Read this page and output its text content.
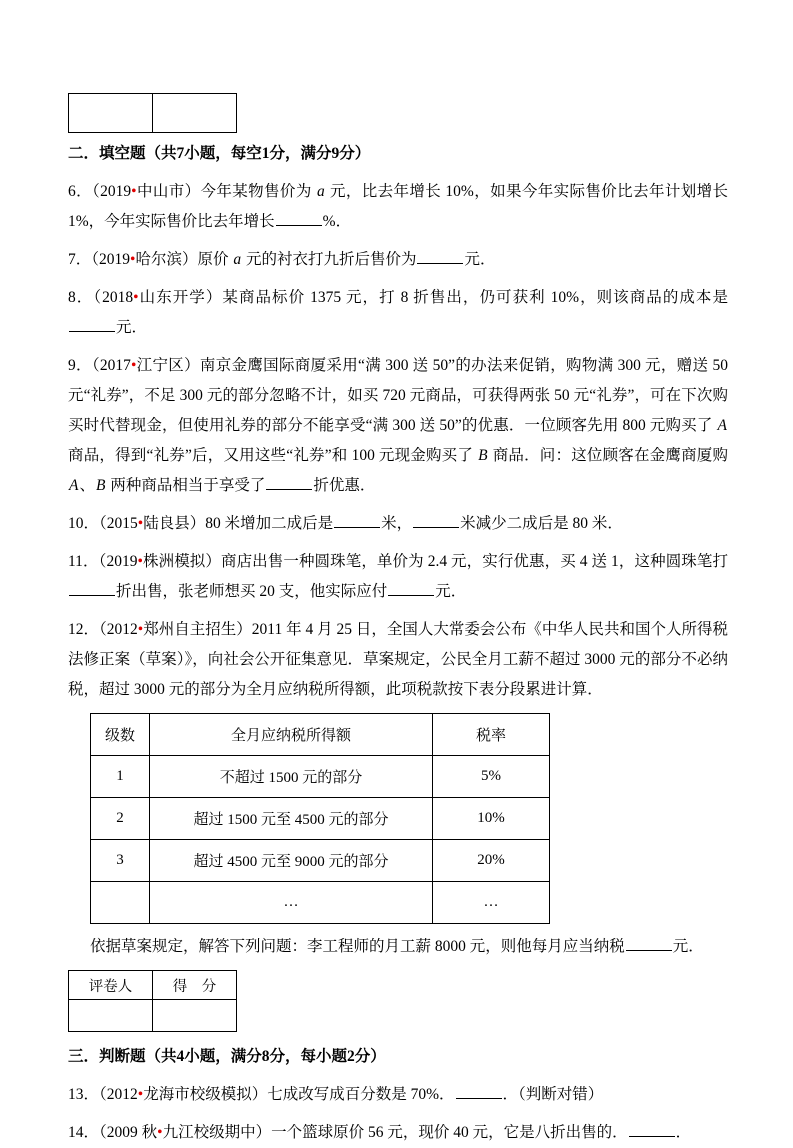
二．填空题（共7小题，每空1分，满分9分）

6．（2019•中山市）今年某物售价为 a 元，比去年增长 10%，如果今年实际售价比去年计划增长 1%，今年实际售价比去年增长	%．

7．（2019•哈尔滨）原价 a 元的衬衣打九折后售价为	元．

8．（2018•山东开学）某商品标价 1375 元，打 8 折售出，仍可获利 10%，则该商品的成本是 元．

9．（2017•江宁区）南京金鹰国际商厦采用“满 300 送 50”的办法来促销，购物满 300 元，赠送 50 元“礼券”，不足 300 元的部分忽略不计，如买 720 元商品，可获得两张 50 元“礼券”，可在下次购买时代替现金，但使用礼券的部分不能享受“满 300 送 50”的优惠．一位顾客先用 800 元购买了 A 商品，得到“礼券”后，又用这些“礼券”和 100 元现金购买了 B 商品．问：这位顾客在金鹰商厦购 A、B 两种商品相当于享受了	折优惠．

10．（2015•陆良县）80 米增加二成后是	米，	米减少二成后是 80 米．

11．（2019•株洲模拟）商店出售一种圆珠笔，单价为 2.4 元，实行优惠，买 4 送 1，这种圆珠笔打折出售，张老师想买 20 支，他实际应付	元．

12．（2012•郑州自主招生）2011 年 4 月 25 日，全国人大常委会公布《中华人民共和国个人所得税法修正案（草案）》，向社会公开征集意见．草案规定，公民全月工薪不超过 3000 元的部分不必纳税，超过 3000 元的部分为全月应纳税所得额，此项税款按下表分段累进计算．

级数	全月应纳税所得额	税率
1	不超过 1500 元的部分	5%
2	超过 1500 元至 4500 元的部分	10%
3	超过 4500 元至 9000 元的部分	20%
	…	…

依据草案规定，解答下列问题：李工程师的月工薪 8000 元，则他每月应当纳税	元．

评卷人	得　分

三．判断题（共4小题，满分8分，每小题2分）

13．（2012•龙海市校级模拟）七成改写成百分数是 70%．	．（判断对错）

14．（2009 秋•九江校级期中）一个篮球原价 56 元，现价 40 元，它是八折出售的．	．
